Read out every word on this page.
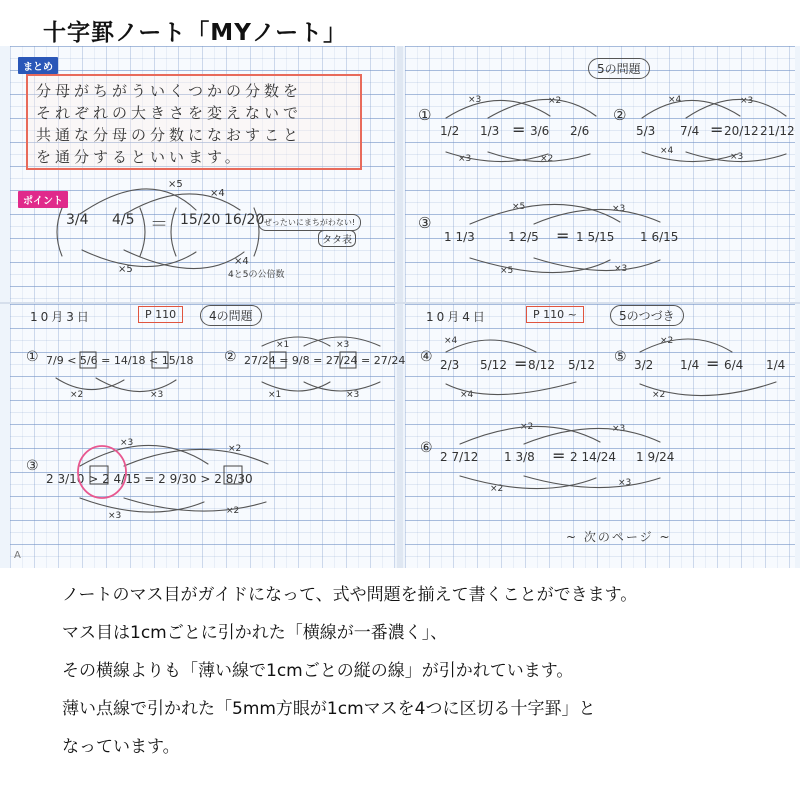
十字罫ノート「MYノート」
まとめ
分母がちがういくつかの分数を
それぞれの大きさを変えないで
共通な分母の分数になおすこと
を通分するといいます。
ポイント
3/4 4/5 ＝ 15/20 16/20
×5
×4
×5
×4
ぜったいにまちがわない!
タタ表
4と5の公倍数
5の問題
①
1/2 1/3 = 3/6 2/6
×3	×2
×3	×2
②
5/3 7/4 = 20/12 21/12
×4	×3
×4
×3
③
1 1/3	1 2/5 = 1 5/15 1 6/15
×5	×3
×5	×3
10月3日	P 110	4の問題
① 7/9 < 5/6 = 14/18 < 15/18
×2	×3
② 27/24 = 9/8 = 27/24 = 27/24
×1	×3
×1	×3
③
2 3/10 > 2 4/15 = 2 9/30 > 2 8/30
×3
×2
×3	×2
A
10月4日	P 110 ~	5のつづき
④ 2/3 5/12 = 8/12 5/12
×4
×4
⑤ 3/2 1/4 = 6/4 1/4
×2
×2
⑥
2 7/12 1 3/8 = 2 14/24 1 9/24
×2	×3
×2
×3
~ 次のページ ~
ノートのマス目がガイドになって、式や問題を揃えて書くことができます。
マス目は1cmごとに引かれた「横線が一番濃く」、
その横線よりも「薄い線で1cmごとの縦の線」が引かれています。
薄い点線で引かれた「5mm方眼が1cmマスを4つに区切る十字罫」と
なっています。
